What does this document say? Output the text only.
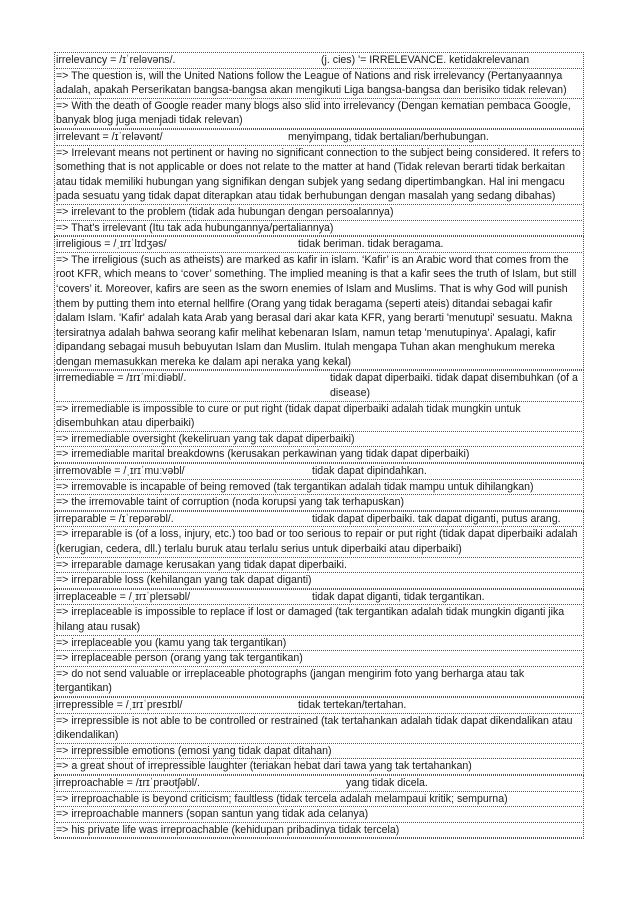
irrelevancy = /ɪˈreləvəns/.	(j. cies) '= IRRELEVANCE. ketidakrelevanan
=> The question is, will the United Nations follow the League of Nations and risk irrelevancy (Pertanyaannya adalah, apakah Perserikatan bangsa-bangsa akan mengikuti Liga bangsa-bangsa dan berisiko tidak relevan)
=> With the death of Google reader many blogs also slid into irrelevancy (Dengan kematian pembaca Google, banyak blog juga menjadi tidak relevan)
irrelevant = /ɪˈreləvənt/	menyimpang, tidak bertalian/berhubungan.
=> Irrelevant means not pertinent or having no significant connection to the subject being considered. It refers to something that is not applicable or does not relate to the matter at hand (Tidak relevan berarti tidak berkaitan atau tidak memiliki hubungan yang signifikan dengan subjek yang sedang dipertimbangkan. Hal ini mengacu pada sesuatu yang tidak dapat diterapkan atau tidak berhubungan dengan masalah yang sedang dibahas)
=> irrelevant to the problem (tidak ada hubungan dengan persoalannya)
=> That's irrelevant (Itu tak ada hubungannya/pertaliannya)
irreligious = /ˌɪrɪˈlɪdʒəs/	tidak beriman. tidak beragama.
=> The irreligious (such as atheists) are marked as kafir in islam. ‘Kafir’ is an Arabic word that comes from the root KFR, which means to ‘cover’ something. The implied meaning is that a kafir sees the truth of Islam, but still ‘covers’ it. Moreover, kafirs are seen as the sworn enemies of Islam and Muslims. That is why God will punish them by putting them into eternal hellfire (Orang yang tidak beragama (seperti ateis) ditandai sebagai kafir dalam Islam. 'Kafir' adalah kata Arab yang berasal dari akar kata KFR, yang berarti 'menutupi' sesuatu. Makna tersiratnya adalah bahwa seorang kafir melihat kebenaran Islam, namun tetap 'menutupinya'. Apalagi, kafir dipandang sebagai musuh bebuyutan Islam dan Muslim. Itulah mengapa Tuhan akan menghukum mereka dengan memasukkan mereka ke dalam api neraka yang kekal)
irremediable = /ɪrɪˈmiːdiəbl/.	tidak dapat diperbaiki. tidak dapat disembuhkan (of a disease)
=> irremediable is impossible to cure or put right (tidak dapat diperbaiki adalah tidak mungkin untuk disembuhkan atau diperbaiki)
=> irremediable oversight (kekeliruan yang tak dapat diperbaiki)
=> irremediable marital breakdowns (kerusakan perkawinan yang tidak dapat diperbaiki)
irremovable = /ˌɪrɪˈmuːvəbl/	tidak dapat dipindahkan.
=> irremovable is incapable of being removed (tak tergantikan adalah tidak mampu untuk dihilangkan)
=> the irremovable taint of corruption (noda korupsi yang tak terhapuskan)
irreparable = /ɪˈrepərəbl/.	tidak dapat diperbaiki. tak dapat diganti, putus arang.
=> irreparable is (of a loss, injury, etc.) too bad or too serious to repair or put right (tidak dapat diperbaiki adalah (kerugian, cedera, dll.) terlalu buruk atau terlalu serius untuk diperbaiki atau diperbaiki)
=> irreparable damage kerusakan yang tidak dapat diperbaiki.
=> irreparable loss (kehilangan yang tak dapat diganti)
irreplaceable = /ˌɪrɪˈpleɪsəbl/	tidak dapat diganti, tidak tergantikan.
=> irreplaceable is impossible to replace if lost or damaged (tak tergantikan adalah tidak mungkin diganti jika hilang atau rusak)
=> irreplaceable you (kamu yang tak tergantikan)
=> irreplaceable person (orang yang tak tergantikan)
=> do not send valuable or irreplaceable photographs (jangan mengirim foto yang berharga atau tak tergantikan)
irrepressible = /ˌɪrɪˈpresɪbl/	tidak tertekan/tertahan.
=> irrepressible is not able to be controlled or restrained (tak tertahankan adalah tidak dapat dikendalikan atau dikendalikan)
=> irrepressible emotions (emosi yang tidak dapat ditahan)
=> a great shout of irrepressible laughter (teriakan hebat dari tawa yang tak tertahankan)
irreproachable = /ɪrɪˈprəʊtʃəbl/.	yang tidak dicela.
=> irreproachable is beyond criticism; faultless (tidak tercela adalah melampaui kritik; sempurna)
=> irreproachable manners (sopan santun yang tidak ada celanya)
=> his private life was irreproachable (kehidupan pribadinya tidak tercela)
